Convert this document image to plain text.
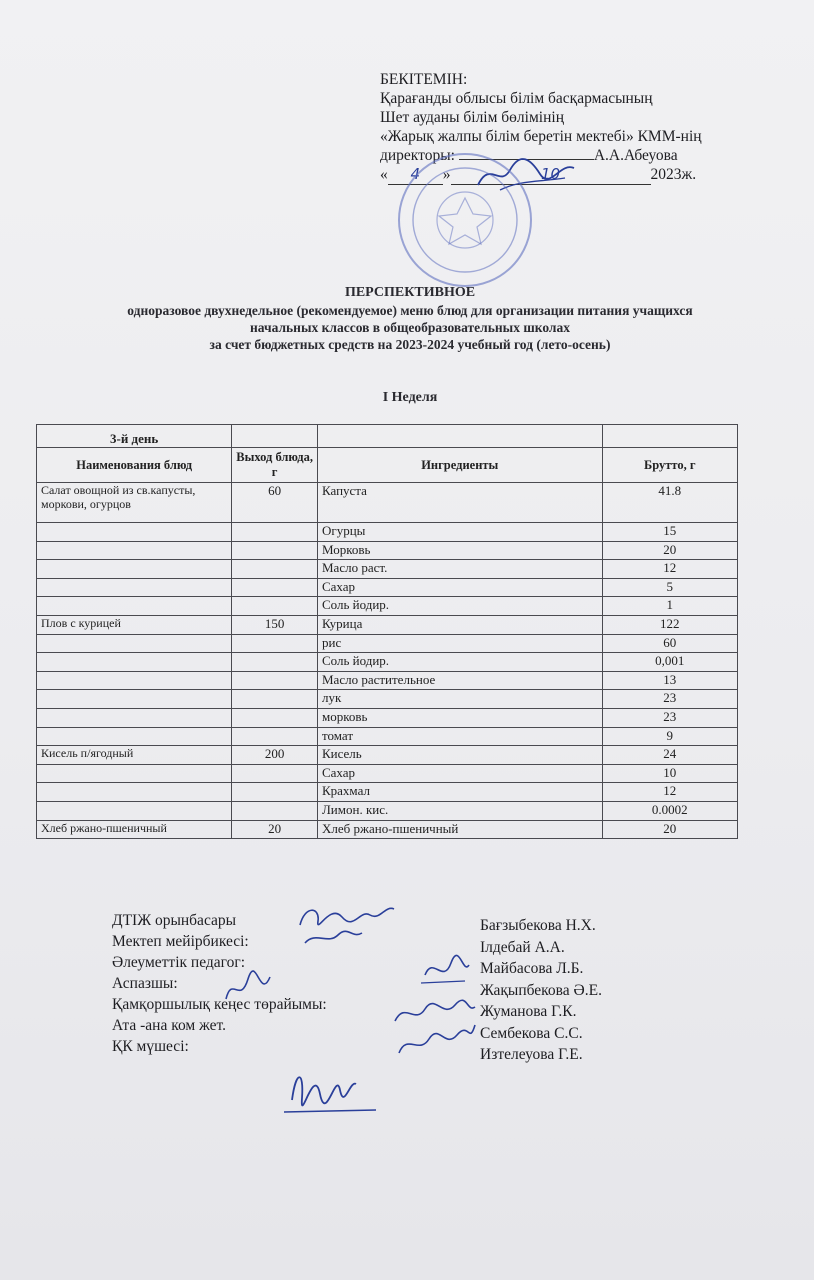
БЕКІТЕМІН:
Қарағанды облысы білім басқармасының
Шет ауданы білім бөлімінің
«Жарық жалпы білім беретін мектебі» КММ-нің
директоры:	А.А.Абеуова
« 4 »	10	2023ж.
ПЕРСПЕКТИВНОЕ
одноразовое двухнедельное (рекомендуемое) меню блюд для организации питания учащихся
начальных классов в общеобразовательных школах
за счет бюджетных средств на 2023-2024 учебный год (лето-осень)
I Неделя
3-й день			
Наименования блюд	Выход блюда, г	Ингредиенты	Брутто, г
Салат овощной из св.капусты, моркови, огурцов	60	Капуста	41.8
		Огурцы	15
		Морковь	20
		Масло раст.	12
		Сахар	5
		Соль йодир.	1
Плов с курицей	150	Курица	122
		рис	60
		Соль йодир.	0,001
		Масло растительное	13
		лук	23
		морковь	23
		томат	9
Кисель п/ягодный	200	Кисель	24
		Сахар	10
		Крахмал	12
		Лимон. кис.	0.0002
Хлеб ржано-пшеничный	20	Хлеб ржано-пшеничный	20
ДТІЖ орынбасары
Мектеп мейірбикесі:
Әлеуметтік педагог:
Аспазшы:
Қамқоршылық кеңес төрайымы:
Ата -ана ком жет.
ҚК мүшесі:
Бағзыбекова Н.Х.
Ілдебай А.А.
Майбасова Л.Б.
Жақыпбекова Ә.Е.
Жуманова Г.К.
Сембекова С.С.
Изтелеуова Г.Е.
